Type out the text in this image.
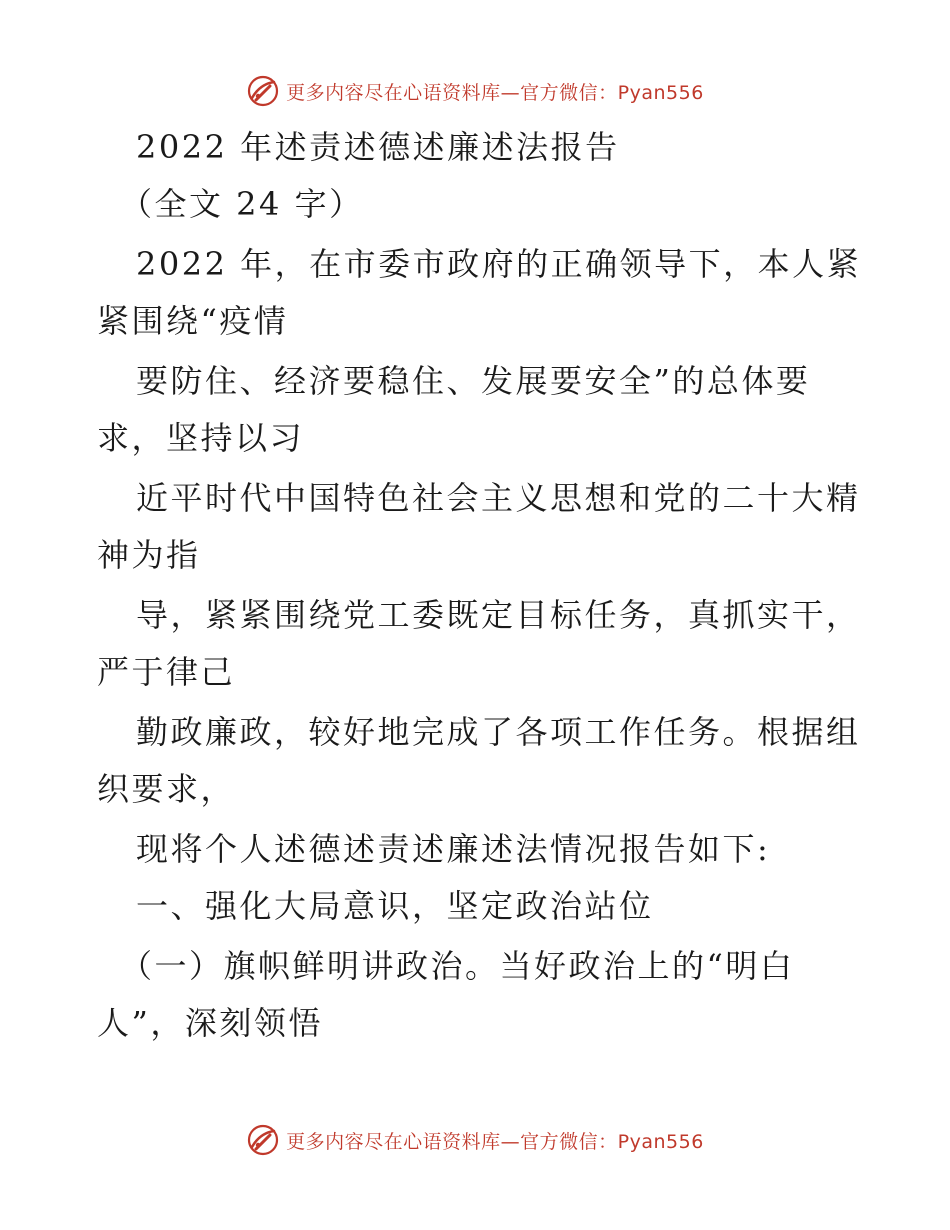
更多内容尽在心语资料库—官方微信：Pyan556
2022 年述责述德述廉述法报告
（全文 24 字）
2022 年，在市委市政府的正确领导下，本人紧
紧围绕“疫情
要防住、经济要稳住、发展要安全”的总体要
求，坚持以习
近平时代中国特色社会主义思想和党的二十大精
神为指
导，紧紧围绕党工委既定目标任务，真抓实干，
严于律己
勤政廉政，较好地完成了各项工作任务。根据组
织要求，
现将个人述德述责述廉述法情况报告如下:
一、强化大局意识，坚定政治站位
（一）旗帜鲜明讲政治。当好政治上的“明白
人”，深刻领悟
更多内容尽在心语资料库—官方微信：Pyan556
